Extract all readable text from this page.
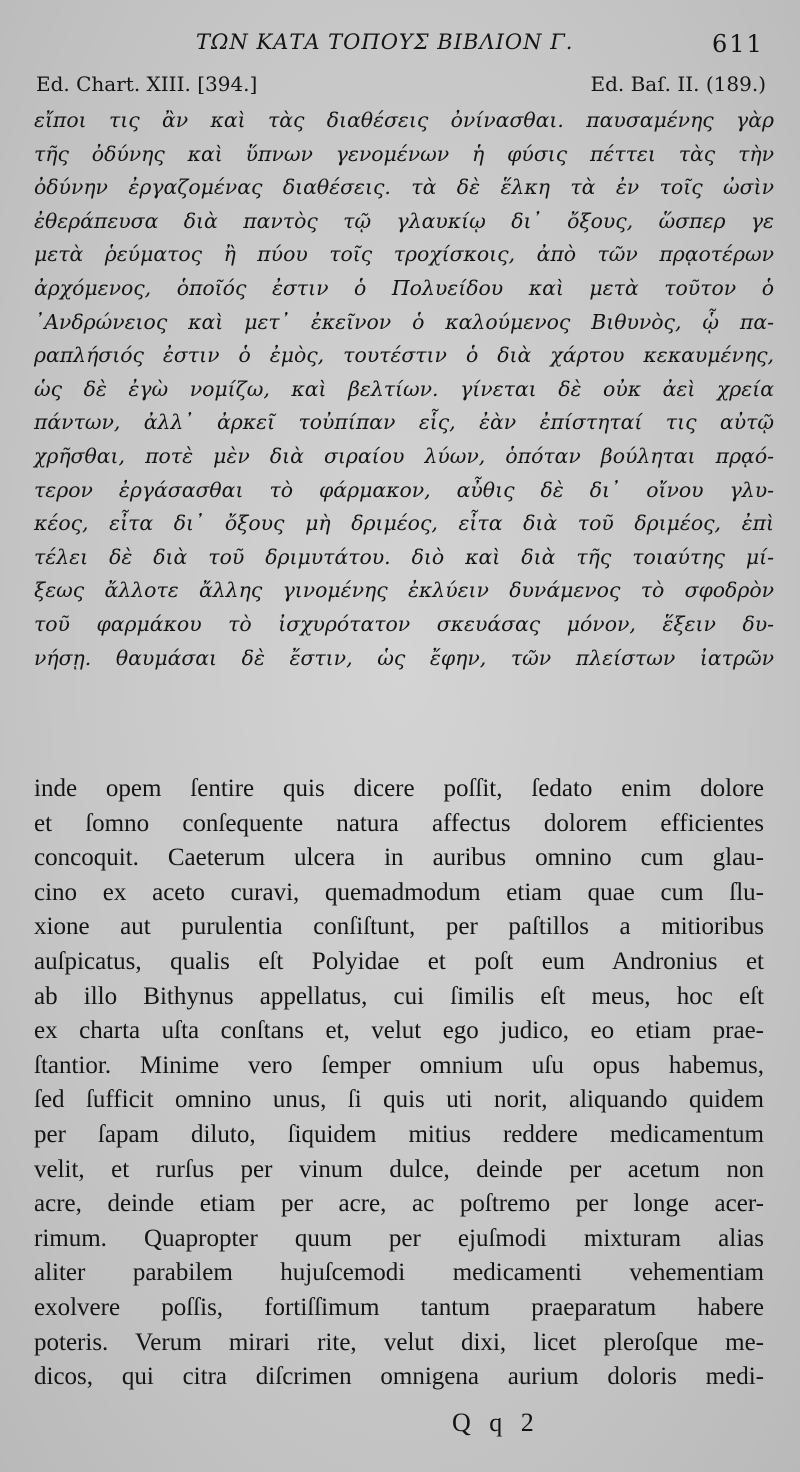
ΤΩΝ ΚΑΤΑ ΤΟΠΟΥΣ ΒΙΒΛΙΟΝ Γ.	611
Ed. Chart. XIII. [394.]	Ed. Baſ. II. (189.)
εἴποι τις ἂν καὶ τὰς διαθέσεις ὀνίνασθαι. παυσαμένης γὰρ
τῆς ὀδύνης καὶ ὕπνων γενομένων ἡ φύσις πέττει τὰς τὴν
ὀδύνην ἐργαζομένας διαθέσεις. τὰ δὲ ἕλκη τὰ ἐν τοῖς ὠσὶν
ἐθεράπευσα διὰ παντὸς τῷ γλαυκίῳ δι᾽ ὄξους, ὥσπερ γε
μετὰ ῥεύματος ἢ πύου τοῖς τροχίσκοις, ἀπὸ τῶν πρᾳοτέρων
ἀρχόμενος, ὁποῖός ἐστιν ὁ Πολυείδου καὶ μετὰ τοῦτον ὁ
᾽Ανδρώνειος καὶ μετ᾽ ἐκεῖνον ὁ καλούμενος Βιθυνὸς, ᾧ πα-
ραπλήσιός ἐστιν ὁ ἐμὸς, τουτέστιν ὁ διὰ χάρτου κεκαυμένης,
ὡς δὲ ἐγὼ νομίζω, καὶ βελτίων. γίνεται δὲ οὐκ ἀεὶ χρεία
πάντων, ἀλλ᾽ ἀρκεῖ τοὐπίπαν εἷς, ἐὰν ἐπίστηταί τις αὐτῷ
χρῆσθαι, ποτὲ μὲν διὰ σιραίου λύων, ὁπόταν βούληται πρᾳό-
τερον ἐργάσασθαι τὸ φάρμακον, αὖθις δὲ δι᾽ οἴνου γλυ-
κέος, εἶτα δι᾽ ὄξους μὴ δριμέος, εἶτα διὰ τοῦ δριμέος, ἐπὶ
τέλει δὲ διὰ τοῦ δριμυτάτου. διὸ καὶ διὰ τῆς τοιαύτης μί-
ξεως ἄλλοτε ἄλλης γινομένης ἐκλύειν δυνάμενος τὸ σφοδρὸν
τοῦ φαρμάκου τὸ ἰσχυρότατον σκευάσας μόνον, ἕξειν δυ-
νήσῃ. θαυμάσαι δὲ ἔστιν, ὡς ἔφην, τῶν πλείστων ἰατρῶν
inde opem ſentire quis dicere poſſit, ſedato enim dolore
et ſomno conſequente natura affectus dolorem efficientes
concoquit. Caeterum ulcera in auribus omnino cum glau-
cino ex aceto curavi, quemadmodum etiam quae cum ſlu-
xione aut purulentia conſiſtunt, per paſtillos a mitioribus
auſpicatus, qualis eſt Polyidae et poſt eum Andronius et
ab illo Bithynus appellatus, cui ſimilis eſt meus, hoc eſt
ex charta uſta conſtans et, velut ego judico, eo etiam prae-
ſtantior. Minime vero ſemper omnium uſu opus habemus,
ſed ſufficit omnino unus, ſi quis uti norit, aliquando quidem
per ſapam diluto, ſiquidem mitius reddere medicamentum
velit, et rurſus per vinum dulce, deinde per acetum non
acre, deinde etiam per acre, ac poſtremo per longe acer-
rimum. Quapropter quum per ejuſmodi mixturam alias
aliter parabilem hujuſcemodi medicamenti vehementiam
exolvere poſſis, fortiſſimum tantum praeparatum habere
poteris. Verum mirari rite, velut dixi, licet pleroſque me-
dicos, qui citra diſcrimen omnigena aurium doloris medi-
Q q 2
